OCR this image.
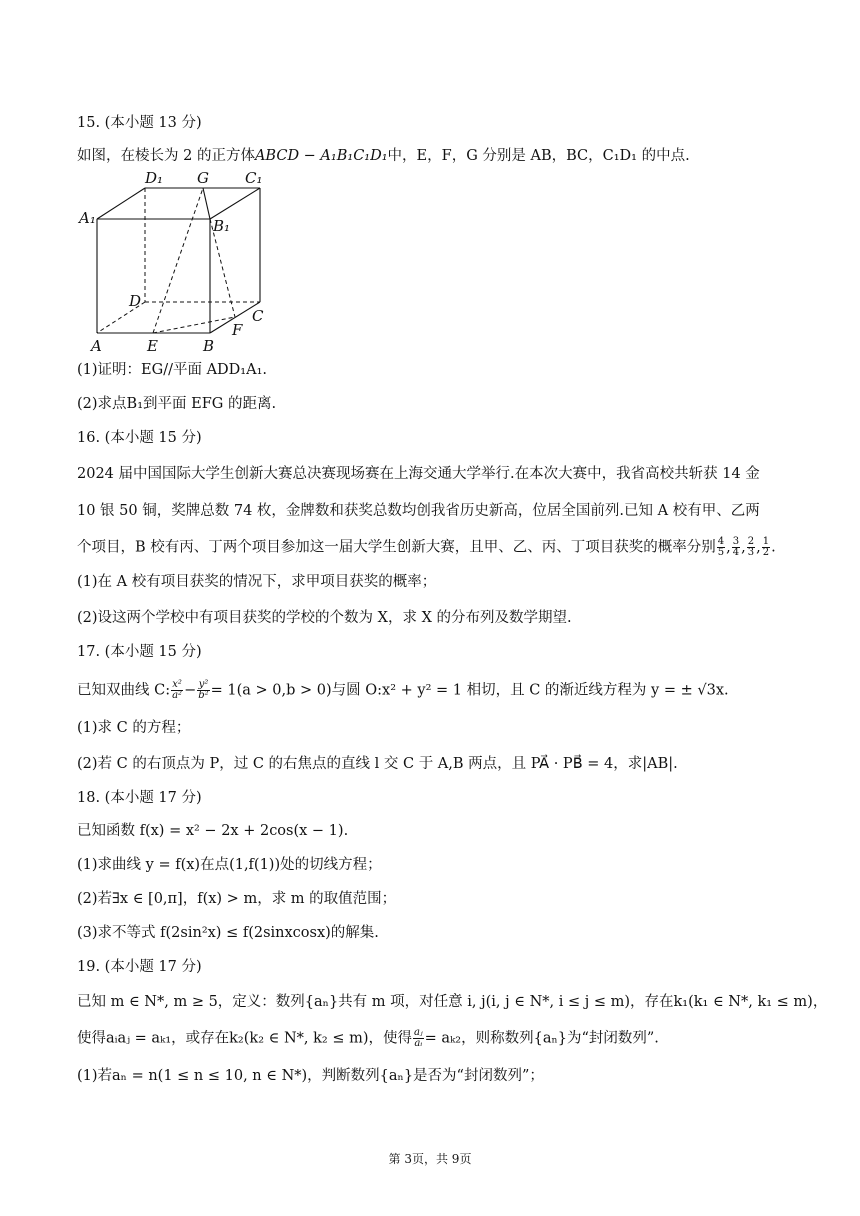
15. (本小题 13 分)
如图，在棱长为 2 的正方体ABCD − A₁B₁C₁D₁中，E，F，G 分别是 AB，BC，C₁D₁ 的中点.
D₁ G C₁
A₁	B₁
D
C
F
A	E	B
(1)证明：EG//平面 ADD₁A₁.
(2)求点B₁到平面 EFG 的距离.
16. (本小题 15 分)
2024 届中国国际大学生创新大赛总决赛现场赛在上海交通大学举行.在本次大赛中，我省高校共斩获 14 金
10 银 50 铜，奖牌总数 74 枚，金牌数和获奖总数均创我省历史新高，位居全国前列.已知 A 校有甲、乙两
个项目，B 校有丙、丁两个项目参加这一届大学生创新大赛，且甲、乙、丙、丁项目获奖的概率分别 $\frac{4}{5}$ , $\frac{3}{4}$ , $\frac{2}{3}$ , $\frac{1}{2}$ .
(1)在 A 校有项目获奖的情况下，求甲项目获奖的概率；
(2)设这两个学校中有项目获奖的学校的个数为 X，求 X 的分布列及数学期望.
17. (本小题 15 分)
已知双曲线 C: $\frac{\text{x²}}{\text{a²}} - \frac{\text{y²}}{\text{b²}} = 1(a > 0,b > 0)$与圆 O:x² + y² = 1 相切，且 C 的渐近线方程为 y = ± √3x.
(1)求 C 的方程；
(2)若 C 的右顶点为 P，过 C 的右焦点的直线 l 交 C 于 A,B 两点，且 PA⃗ · PB⃗ = 4，求|AB|.
18. (本小题 17 分)
已知函数 f(x) = x² − 2x + 2cos(x − 1).
(1)求曲线 y = f(x)在点(1,f(1))处的切线方程；
(2)若∃x ∈ [0,π]，f(x) > m，求 m 的取值范围；
(3)求不等式 f(2sin²x) ≤ f(2sinxcosx)的解集.
19. (本小题 17 分)
已知 m ∈ N*, m ≥ 5，定义：数列{aₙ}共有 m 项，对任意 i, j(i, j ∈ N*, i ≤ j ≤ m)，存在k₁(k₁ ∈ N*, k₁ ≤ m)，
使得aᵢaⱼ = aₖ₁，或存在k₂(k₂ ∈ N*, k₂ ≤ m)，使得 $\frac{\text{aⱼ}}{\text{aᵢ}} = a_{k2}$，则称数列{aₙ}为“封闭数列”.
(1)若aₙ = n(1 ≤ n ≤ 10, n ∈ N*)，判断数列{aₙ}是否为“封闭数列”；
第 3页，共 9页
